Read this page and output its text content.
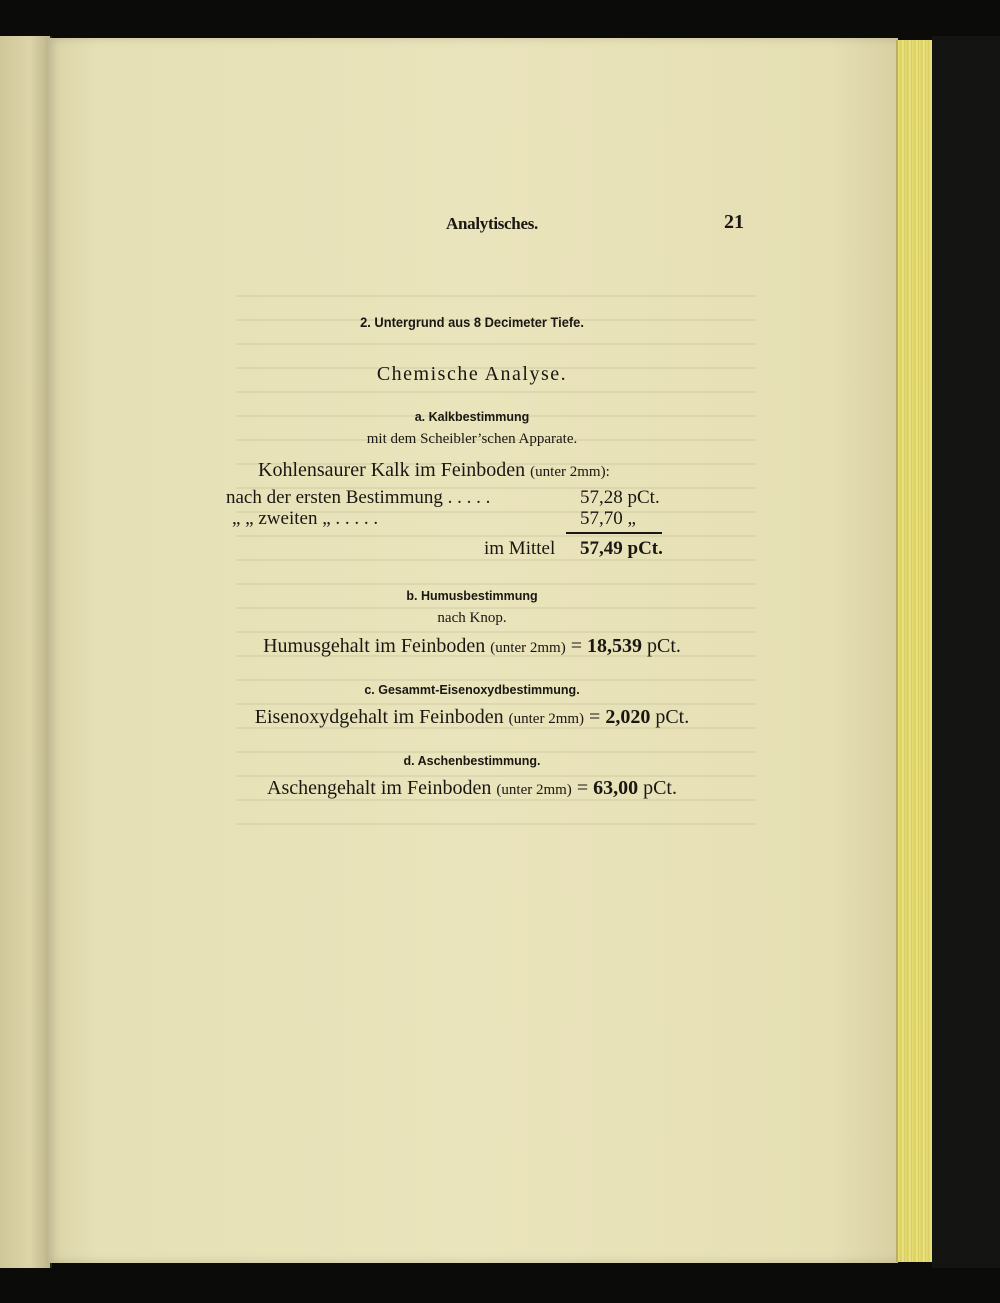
Analytisches.	21
2. Untergrund aus 8 Decimeter Tiefe.
Chemische Analyse.
a. Kalkbestimmung
mit dem Scheibler’schen Apparate.
Kohlensaurer Kalk im Feinboden (unter 2mm):
nach der ersten Bestimmung . . . . .	57,28 pCt.
„ „ zweiten „ . . . . .	57,70 „
im Mittel 57,49 pCt.
b. Humusbestimmung
nach Knop.
Humusgehalt im Feinboden (unter 2mm) = 18,539 pCt.
c. Gesammt-Eisenoxydbestimmung.
Eisenoxydgehalt im Feinboden (unter 2mm) = 2,020 pCt.
d. Aschenbestimmung.
Aschengehalt im Feinboden (unter 2mm) = 63,00 pCt.
